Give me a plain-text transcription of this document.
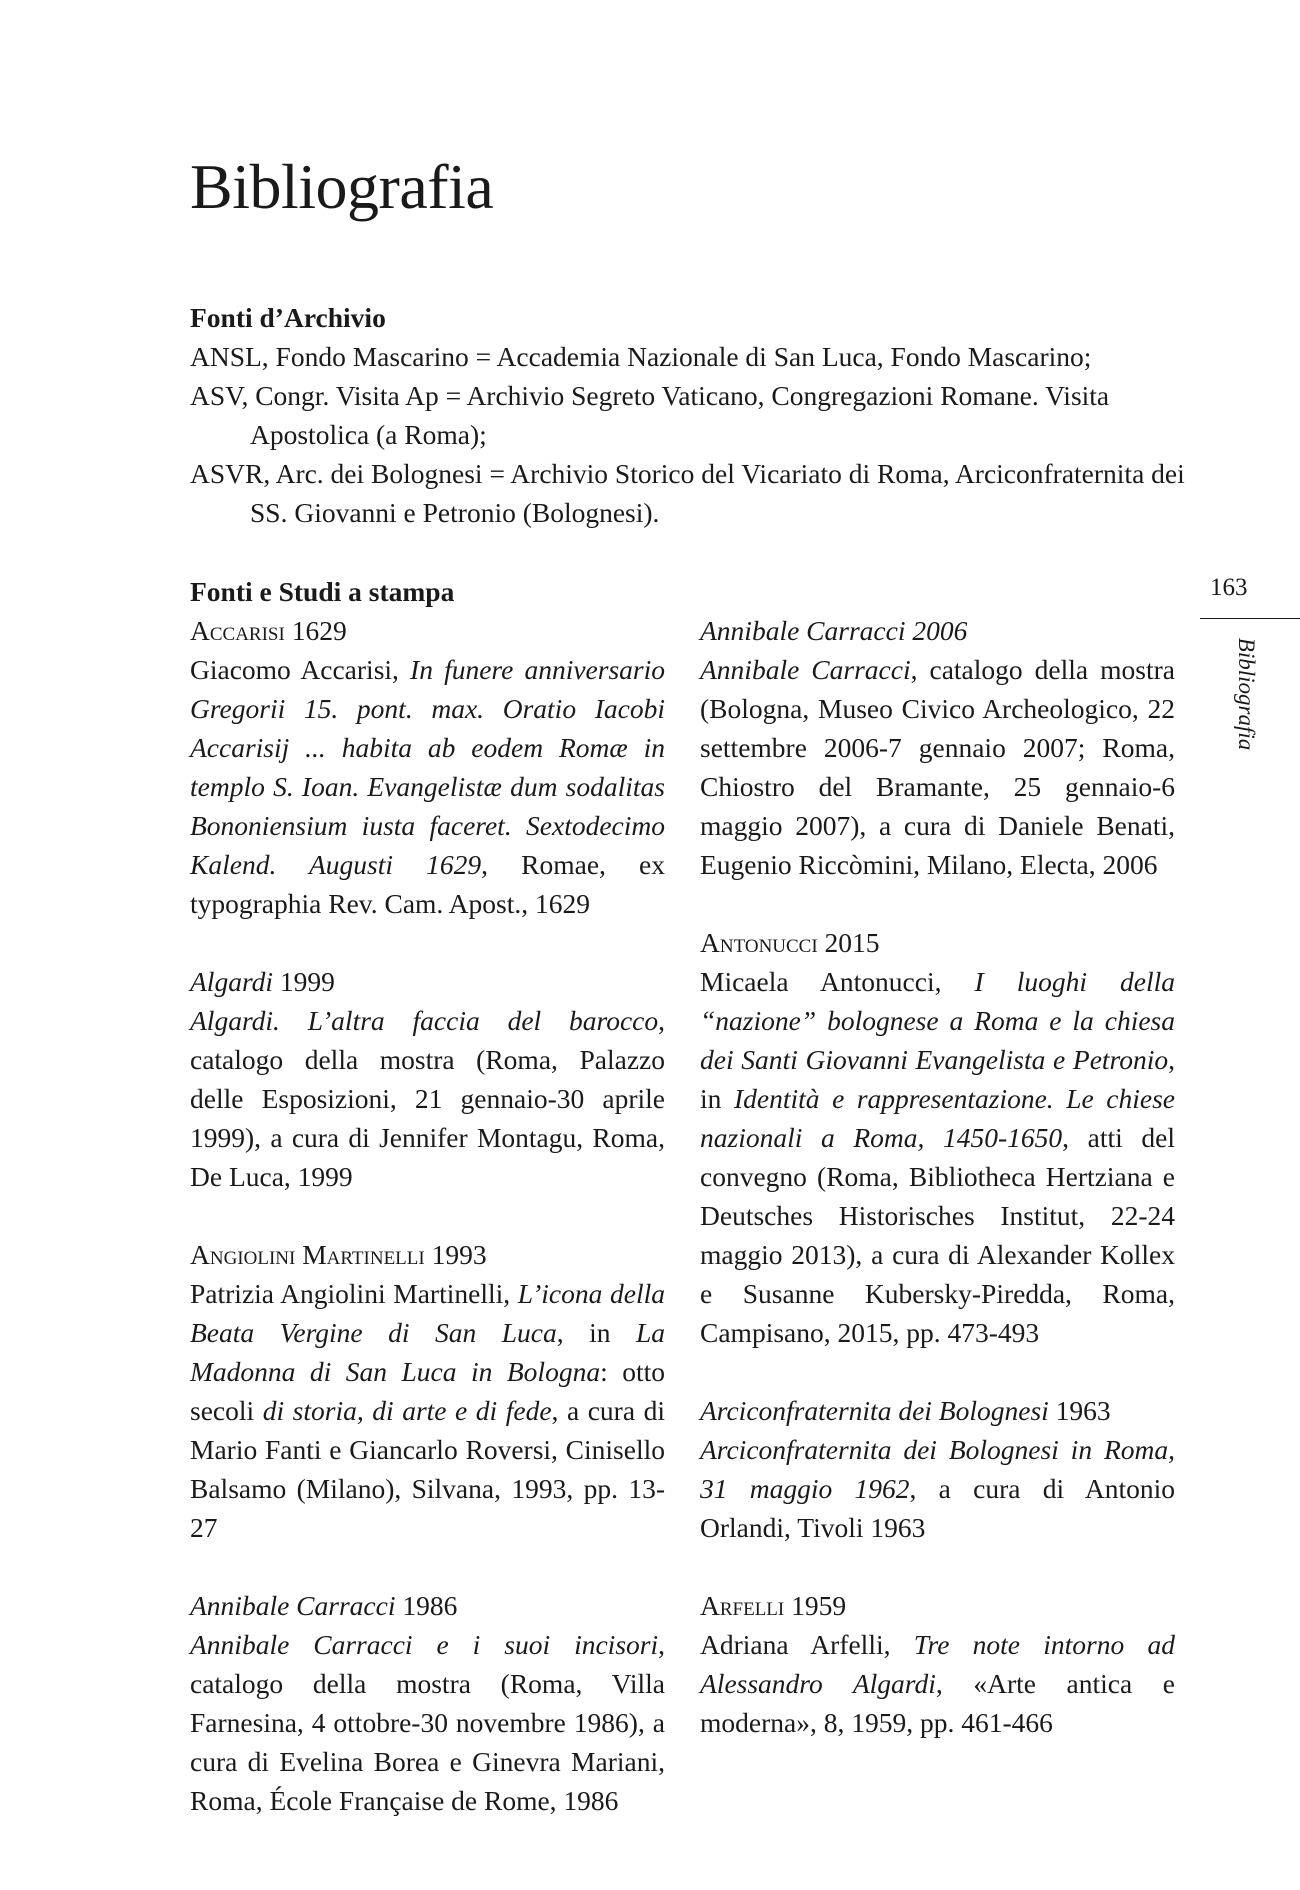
Bibliografia
Fonti d’Archivio
ANSL, Fondo Mascarino = Accademia Nazionale di San Luca, Fondo Mascarino;
ASV, Congr. Visita Ap = Archivio Segreto Vaticano, Congregazioni Romane. Visita Apostolica (a Roma);
ASVR, Arc. dei Bolognesi = Archivio Storico del Vicariato di Roma, Arciconfraternita dei SS. Giovanni e Petronio (Bolognesi).
Fonti e Studi a stampa
Accarisi 1629
Giacomo Accarisi, In funere anniversario Gregorii 15. pont. max. Oratio Iacobi Accarisij ... habita ab eodem Romæ in templo S. Ioan. Evangelistæ dum sodalitas Bononiensium iusta faceret. Sextodecimo Kalend. Augusti 1629, Romae, ex typographia Rev. Cam. Apost., 1629
Algardi 1999
Algardi. L’altra faccia del barocco, catalogo della mostra (Roma, Palazzo delle Esposizioni, 21 gennaio-30 aprile 1999), a cura di Jennifer Montagu, Roma, De Luca, 1999
Angiolini Martinelli 1993
Patrizia Angiolini Martinelli, L’icona della Beata Vergine di San Luca, in La Madonna di San Luca in Bologna: otto secoli di storia, di arte e di fede, a cura di Mario Fanti e Giancarlo Roversi, Cinisello Balsamo (Milano), Silvana, 1993, pp. 13-27
Annibale Carracci 1986
Annibale Carracci e i suoi incisori, catalogo della mostra (Roma, Villa Farnesina, 4 ottobre-30 novembre 1986), a cura di Evelina Borea e Ginevra Mariani, Roma, École Française de Rome, 1986
Annibale Carracci 2006
Annibale Carracci, catalogo della mostra (Bologna, Museo Civico Archeologico, 22 settembre 2006-7 gennaio 2007; Roma, Chiostro del Bramante, 25 gennaio-6 maggio 2007), a cura di Daniele Benati, Eugenio Riccòmini, Milano, Electa, 2006
Antonucci 2015
Micaela Antonucci, I luoghi della “nazione” bolognese a Roma e la chiesa dei Santi Giovanni Evangelista e Petronio, in Identità e rappresentazione. Le chiese nazionali a Roma, 1450-1650, atti del convegno (Roma, Bibliotheca Hertziana e Deutsches Historisches Institut, 22-24 maggio 2013), a cura di Alexander Kollex e Susanne Kubersky-Piredda, Roma, Campisano, 2015, pp. 473-493
Arciconfraternita dei Bolognesi 1963
Arciconfraternita dei Bolognesi in Roma, 31 maggio 1962, a cura di Antonio Orlandi, Tivoli 1963
Arfelli 1959
Adriana Arfelli, Tre note intorno ad Alessandro Algardi, «Arte antica e moderna», 8, 1959, pp. 461-466
163
Bibliografia
